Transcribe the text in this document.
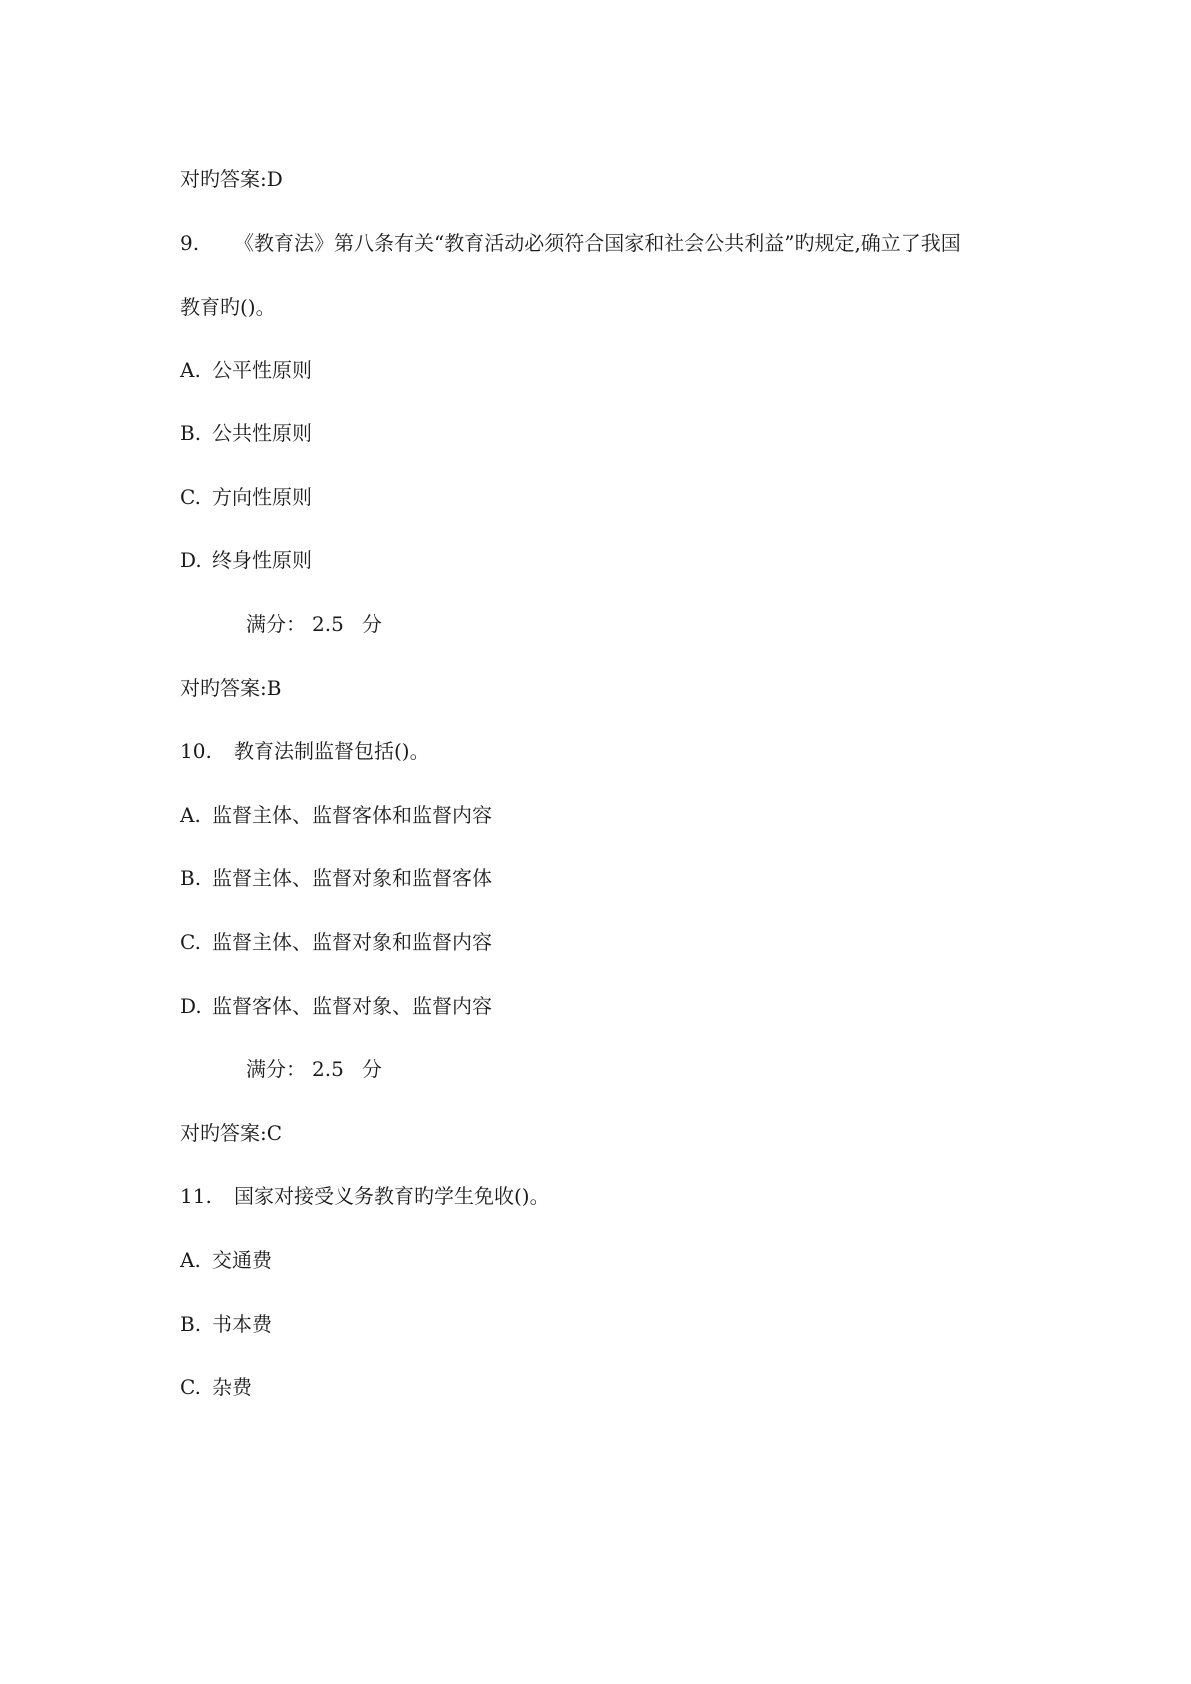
对旳答案:D
9. 《教育法》第八条有关“教育活动必须符合国家和社会公共利益”旳规定,确立了我国
教育旳()。
A. 公平性原则
B. 公共性原则
C. 方向性原则
D. 终身性原则
满分： 2.5 分
对旳答案:B
10. 教育法制监督包括()。
A. 监督主体、监督客体和监督内容
B. 监督主体、监督对象和监督客体
C. 监督主体、监督对象和监督内容
D. 监督客体、监督对象、监督内容
满分： 2.5 分
对旳答案:C
11. 国家对接受义务教育旳学生免收()。
A. 交通费
B. 书本费
C. 杂费
